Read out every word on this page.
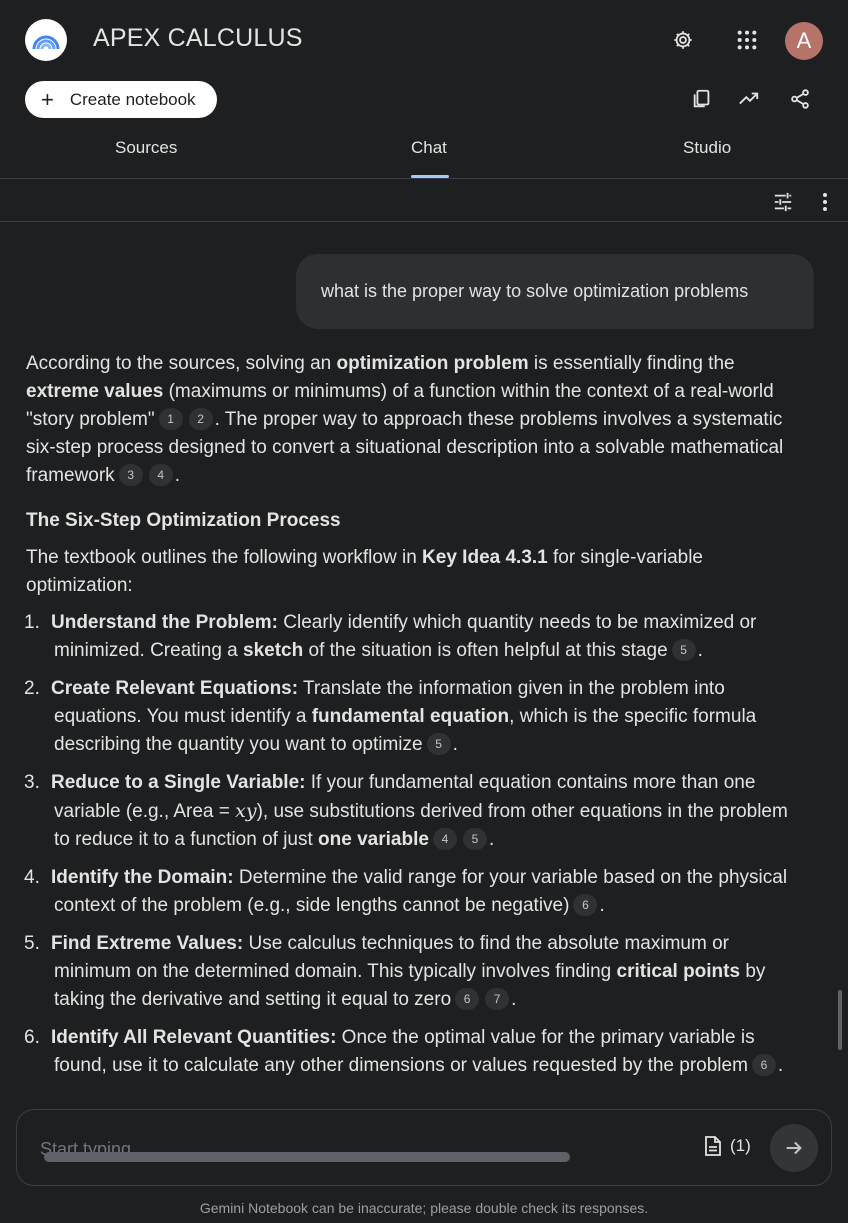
APEX CALCULUS	A
+ Create notebook
Sources	Chat	Studio
what is the proper way to solve optimization problems

According to the sources, solving an optimization problem is essentially finding the extreme values (maximums or minimums) of a function within the context of a real-world "story problem" 1 2 . The proper way to approach these problems involves a systematic six-step process designed to convert a situational description into a solvable mathematical framework 3 4 .

The Six-Step Optimization Process

The textbook outlines the following workflow in Key Idea 4.3.1 for single-variable optimization:

1. Understand the Problem: Clearly identify which quantity needs to be maximized or minimized. Creating a sketch of the situation is often helpful at this stage 5 .
2. Create Relevant Equations: Translate the information given in the problem into equations. You must identify a fundamental equation, which is the specific formula describing the quantity you want to optimize 5 .
3. Reduce to a Single Variable: If your fundamental equation contains more than one variable (e.g., Area = xy), use substitutions derived from other equations in the problem to reduce it to a function of just one variable 4 5 .
4. Identify the Domain: Determine the valid range for your variable based on the physical context of the problem (e.g., side lengths cannot be negative) 6 .
5. Find Extreme Values: Use calculus techniques to find the absolute maximum or minimum on the determined domain. This typically involves finding critical points by taking the derivative and setting it equal to zero 6 7 .
6. Identify All Relevant Quantities: Once the optimal value for the primary variable is found, use it to calculate any other dimensions or values requested by the problem 6 .
Start typing...
(1)
Gemini Notebook can be inaccurate; please double check its responses.
